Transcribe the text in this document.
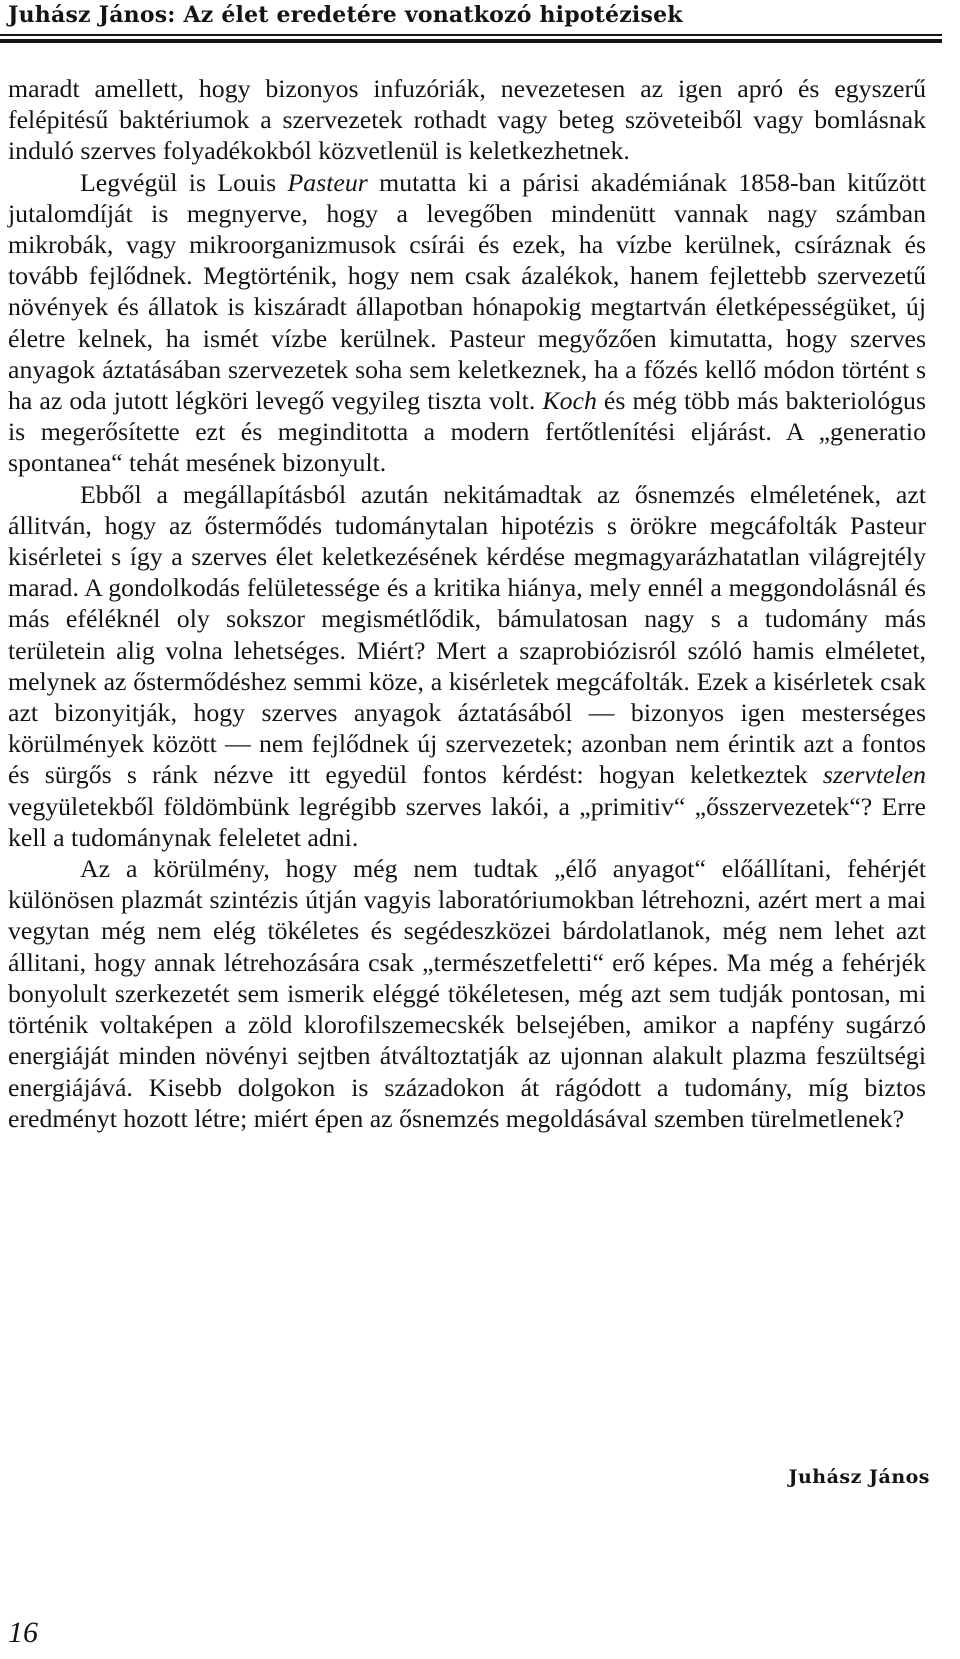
Juhász János: Az élet eredetére vonatkozó hipotézisek

maradt amellett, hogy bizonyos infuzóriák, nevezetesen az igen apró és egyszerű felépitésű baktériumok a szervezetek rothadt vagy beteg szöveteiből vagy bomlásnak induló szerves folyadékokból közvetlenül is keletkezhetnek.

Legvégül is Louis Pasteur mutatta ki a párisi akadémiának 1858-ban kitűzött jutalomdíját is megnyerve, hogy a levegőben mindenütt vannak nagy számban mikrobák, vagy mikroorganizmusok csírái és ezek, ha vízbe kerülnek, csíráznak és tovább fejlődnek. Megtörténik, hogy nem csak ázalékok, hanem fejlettebb szervezetű növények és állatok is kiszáradt állapotban hónapokig megtartván életképességüket, új életre kelnek, ha ismét vízbe kerülnek. Pasteur megyőzően kimutatta, hogy szerves anyagok áztatásában szervezetek soha sem keletkeznek, ha a főzés kellő módon történt s ha az oda jutott légköri levegő vegyileg tiszta volt. Koch és még több más bakteriológus is megerősítette ezt és meginditotta a modern fertőtlenítési eljárást. A „generatio spontanea“ tehát mesének bizonyult.

Ebből a megállapításból azután nekitámadtak az ősnemzés elméletének, azt állitván, hogy az őstermődés tudománytalan hipotézis s örökre megcáfolták Pasteur kisérletei s így a szerves élet keletkezésének kérdése megmagyarázhatatlan világrejtély marad. A gondolkodás felületessége és a kritika hiánya, mely ennél a meggondolásnál és más eféléknél oly sokszor megismétlődik, bámulatosan nagy s a tudomány más területein alig volna lehetséges. Miért? Mert a szaprobiózisról szóló hamis elméletet, melynek az őstermődéshez semmi köze, a kisérletek megcáfolták. Ezek a kisérletek csak azt bizonyitják, hogy szerves anyagok áztatásából — bizonyos igen mesterséges körülmények között — nem fejlődnek új szervezetek; azonban nem érintik azt a fontos és sürgős s ránk nézve itt egyedül fontos kérdést: hogyan keletkeztek szervtelen vegyületekből földömbünk legrégibb szerves lakói, a „primitiv“ „ősszervezetek“? Erre kell a tudománynak feleletet adni.

Az a körülmény, hogy még nem tudtak „élő anyagot“ előállítani, fehérjét különösen plazmát szintézis útján vagyis laboratóriumokban létrehozni, azért mert a mai vegytan még nem elég tökéletes és segédeszközei bárdolatlanok, még nem lehet azt állitani, hogy annak létrehozására csak „természetfeletti“ erő képes. Ma még a fehérjék bonyolult szerkezetét sem ismerik eléggé tökéletesen, még azt sem tudják pontosan, mi történik voltaképen a zöld klorofilszemecskék belsejében, amikor a napfény sugárzó energiáját minden növényi sejtben átváltoztatják az ujonnan alakult plazma feszültségi energiájává. Kisebb dolgokon is századokon át rágódott a tudomány, míg biztos eredményt hozott létre; miért épen az ősnemzés megoldásával szemben türelmetlenek?

Juhász János
16
